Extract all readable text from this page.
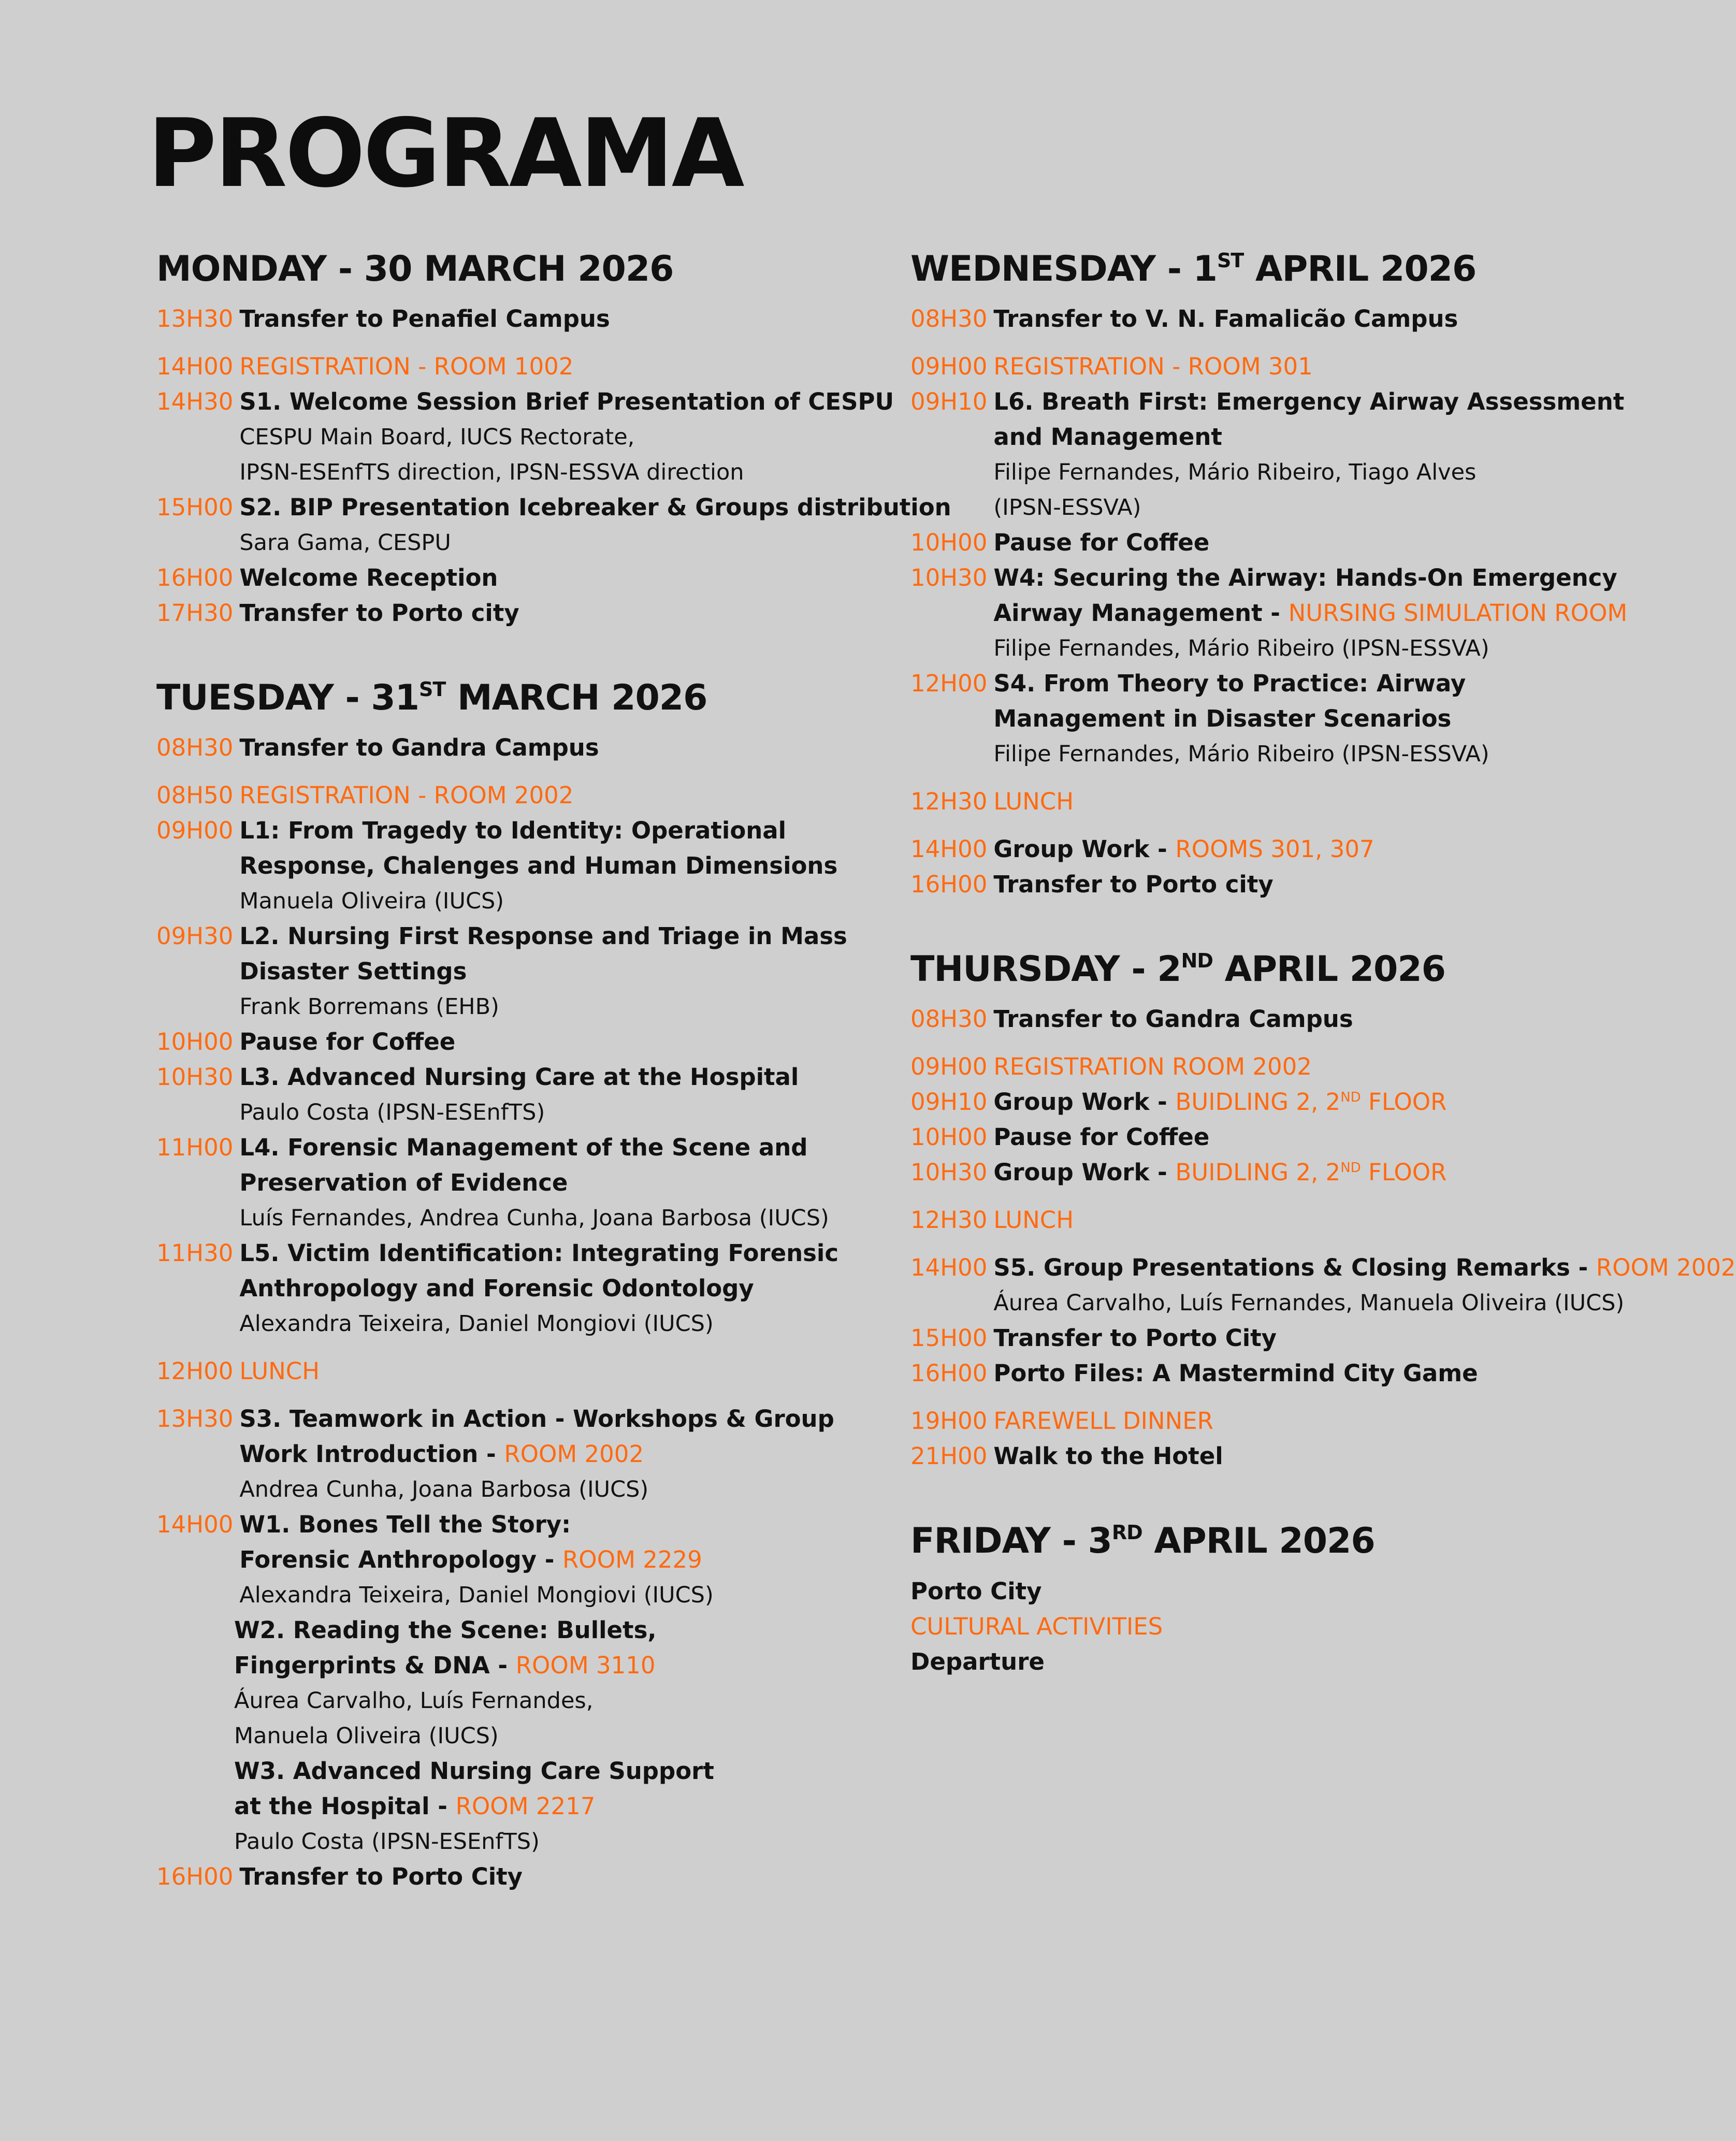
PROGRAMA
MONDAY - 30 MARCH 2026
13H30 Transfer to Penafiel Campus
14H00 REGISTRATION - ROOM 1002
14H30 S1. Welcome Session Brief Presentation of CESPU
CESPU Main Board, IUCS Rectorate,
IPSN-ESEnfTS direction, IPSN-ESSVA direction
15H00 S2. BIP Presentation Icebreaker & Groups distribution
Sara Gama, CESPU
16H00 Welcome Reception
17H30 Transfer to Porto city
TUESDAY - 31ST MARCH 2026
08H30 Transfer to Gandra Campus
08H50 REGISTRATION - ROOM 2002
09H00 L1: From Tragedy to Identity: Operational
Response, Chalenges and Human Dimensions
Manuela Oliveira (IUCS)
09H30 L2. Nursing First Response and Triage in Mass
Disaster Settings
Frank Borremans (EHB)
10H00 Pause for Coffee
10H30 L3. Advanced Nursing Care at the Hospital
Paulo Costa (IPSN-ESEnfTS)
11H00 L4. Forensic Management of the Scene and
Preservation of Evidence
Luís Fernandes, Andrea Cunha, Joana Barbosa (IUCS)
11H30 L5. Victim Identification: Integrating Forensic
Anthropology and Forensic Odontology
Alexandra Teixeira, Daniel Mongiovi (IUCS)
12H00 LUNCH
13H30 S3. Teamwork in Action - Workshops & Group
Work Introduction - ROOM 2002
Andrea Cunha, Joana Barbosa (IUCS)
14H00 W1. Bones Tell the Story:
Forensic Anthropology - ROOM 2229
Alexandra Teixeira, Daniel Mongiovi (IUCS)
W2. Reading the Scene: Bullets,
Fingerprints & DNA - ROOM 3110
Áurea Carvalho, Luís Fernandes,
Manuela Oliveira (IUCS)
W3. Advanced Nursing Care Support
at the Hospital - ROOM 2217
Paulo Costa (IPSN-ESEnfTS)
16H00 Transfer to Porto City
WEDNESDAY - 1ST APRIL 2026
08H30 Transfer to V. N. Famalicão Campus
09H00 REGISTRATION - ROOM 301
09H10 L6. Breath First: Emergency Airway Assessment
and Management
Filipe Fernandes, Mário Ribeiro, Tiago Alves
(IPSN-ESSVA)
10H00 Pause for Coffee
10H30 W4: Securing the Airway: Hands-On Emergency
Airway Management - NURSING SIMULATION ROOM
Filipe Fernandes, Mário Ribeiro (IPSN-ESSVA)
12H00 S4. From Theory to Practice: Airway
Management in Disaster Scenarios
Filipe Fernandes, Mário Ribeiro (IPSN-ESSVA)
12H30 LUNCH
14H00 Group Work - ROOMS 301, 307
16H00 Transfer to Porto city
THURSDAY - 2ND APRIL 2026
08H30 Transfer to Gandra Campus
09H00 REGISTRATION ROOM 2002
09H10 Group Work - BUIDLING 2, 2ND FLOOR
10H00 Pause for Coffee
10H30 Group Work - BUIDLING 2, 2ND FLOOR
12H30 LUNCH
14H00 S5. Group Presentations & Closing Remarks - ROOM 2002
Áurea Carvalho, Luís Fernandes, Manuela Oliveira (IUCS)
15H00 Transfer to Porto City
16H00 Porto Files: A Mastermind City Game
19H00 FAREWELL DINNER
21H00 Walk to the Hotel
FRIDAY - 3RD APRIL 2026
Porto City
CULTURAL ACTIVITIES
Departure
